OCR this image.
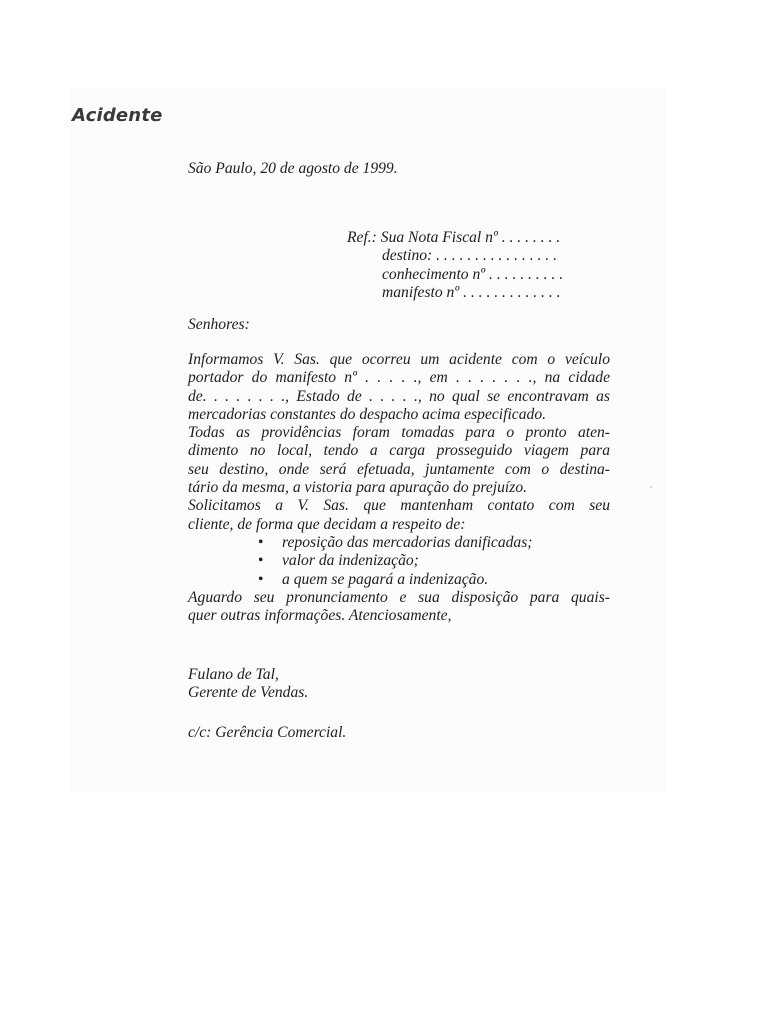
Acidente
São Paulo, 20 de agosto de 1999.
Ref.: Sua Nota Fiscal nº . . . . . . . .
destino: . . . . . . . . . . . . . . . .
conhecimento nº . . . . . . . . . .
manifesto nº . . . . . . . . . . . . .
Senhores:
Informamos V. Sas. que ocorreu um acidente com o veículo
portador do manifesto nº . . . . ., em . . . . . . ., na cidade
de. . . . . . . ., Estado de . . . . ., no qual se encontravam as
mercadorias constantes do despacho acima especificado.
Todas as providências foram tomadas para o pronto aten-
dimento no local, tendo a carga prosseguido viagem para
seu destino, onde será efetuada, juntamente com o destina-
tário da mesma, a vistoria para apuração do prejuízo.
Solicitamos a V. Sas. que mantenham contato com seu
cliente, de forma que decidam a respeito de:
• reposição das mercadorias danificadas;
• valor da indenização;
• a quem se pagará a indenização.
Aguardo seu pronunciamento e sua disposição para quais-
quer outras informações. Atenciosamente,
Fulano de Tal,
Gerente de Vendas.
c/c: Gerência Comercial.
